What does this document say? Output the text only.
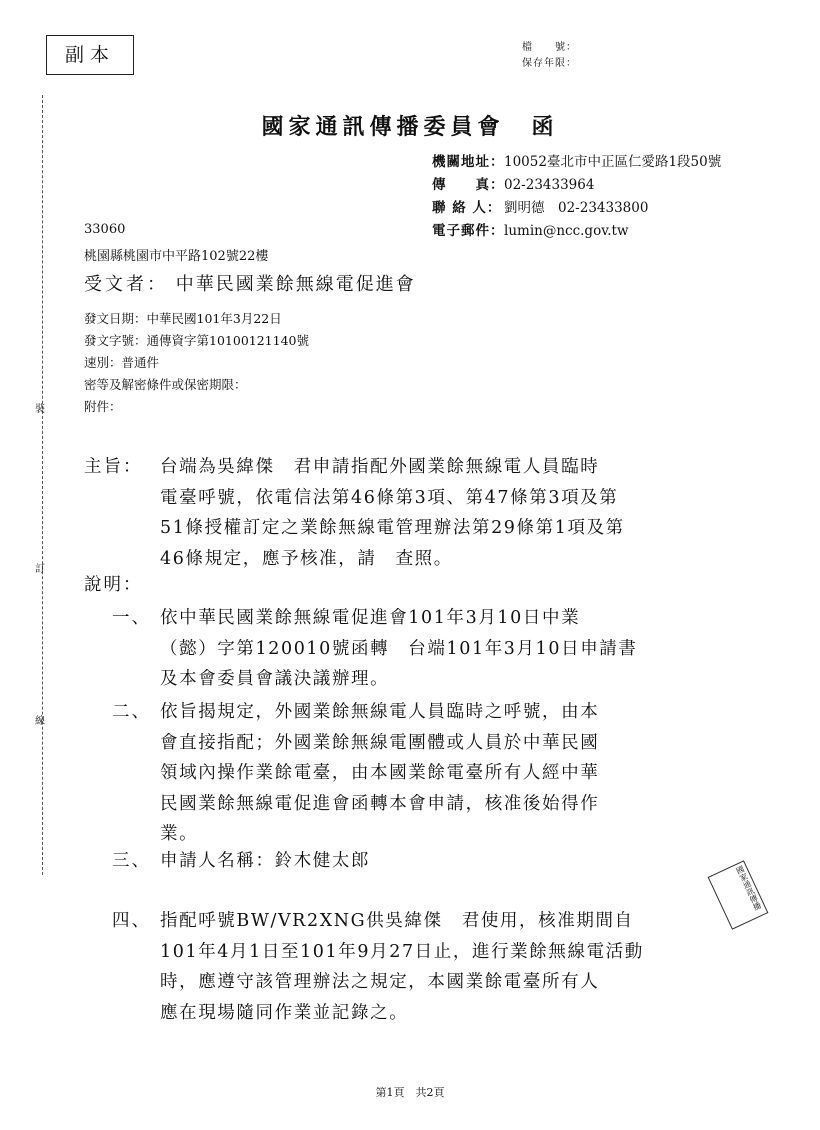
副本	檔　　號：
保存年限：
裝
訂
線
國家通訊傳播委員會　函
機關地址：10052臺北市中正區仁愛路1段50號
傳　　真：02-23433964
聯 絡 人： 劉明德　02-23433800
電子郵件：lumin@ncc.gov.tw
33060
桃園縣桃園市中平路102號22樓
受文者： 中華民國業餘無線電促進會
發文日期：中華民國101年3月22日
發文字號：通傳資字第10100121140號
速別：普通件
密等及解密條件或保密期限：
附件：
主旨： 台端為吳緯傑　君申請指配外國業餘無線電人員臨時
電臺呼號，依電信法第46條第3項、第47條第3項及第
51條授權訂定之業餘無線電管理辦法第29條第1項及第
46條規定，應予核准，請　查照。
說明：
一、 依中華民國業餘無線電促進會101年3月10日中業
（懿）字第120010號函轉　台端101年3月10日申請書
及本會委員會議決議辦理。
二、 依旨揭規定，外國業餘無線電人員臨時之呼號，由本
會直接指配；外國業餘無線電團體或人員於中華民國
領域內操作業餘電臺，由本國業餘電臺所有人經中華
民國業餘無線電促進會函轉本會申請，核准後始得作
業。
三、 申請人名稱：鈴木健太郎
四、 指配呼號BW/VR2XNG供吳緯傑　君使用，核准期間自
101年4月1日至101年9月27日止，進行業餘無線電活動
時，應遵守該管理辦法之規定，本國業餘電臺所有人
應在現場隨同作業並記錄之。
國家通訊傳播
第1頁　共2頁
